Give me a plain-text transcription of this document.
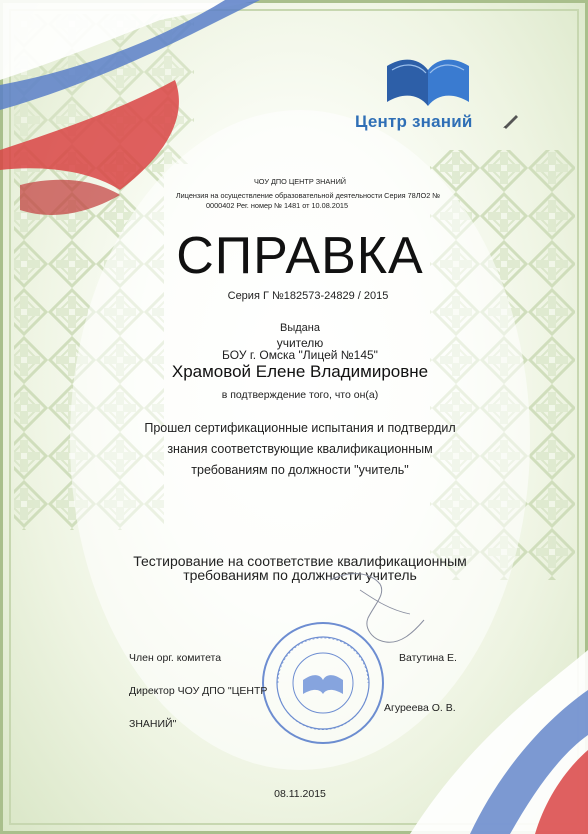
Центр знаний
ЧОУ ДПО ЦЕНТР ЗНАНИЙ
Лицензия на осуществление образовательной деятельности Серия 78ЛО2 №
0000402 Рег. номер № 1481 от 10.08.2015
СПРАВКА
Серия Г №182573-24829 / 2015
Выдана
учителю
БОУ г. Омска "Лицей №145"
Храмовой Елене Владимировне
в подтверждение того, что он(а)
Прошел сертификационные испытания и подтвердил
знания соответствующие квалификационным
требованиям по должности "учитель"
Тестирование на соответствие квалификационным
требованиям по должности учитель
Член орг. комитета	Ватутина Е.
Директор ЧОУ ДПО "ЦЕНТР
Агуреева О. В.
ЗНАНИЙ"
08.11.2015
